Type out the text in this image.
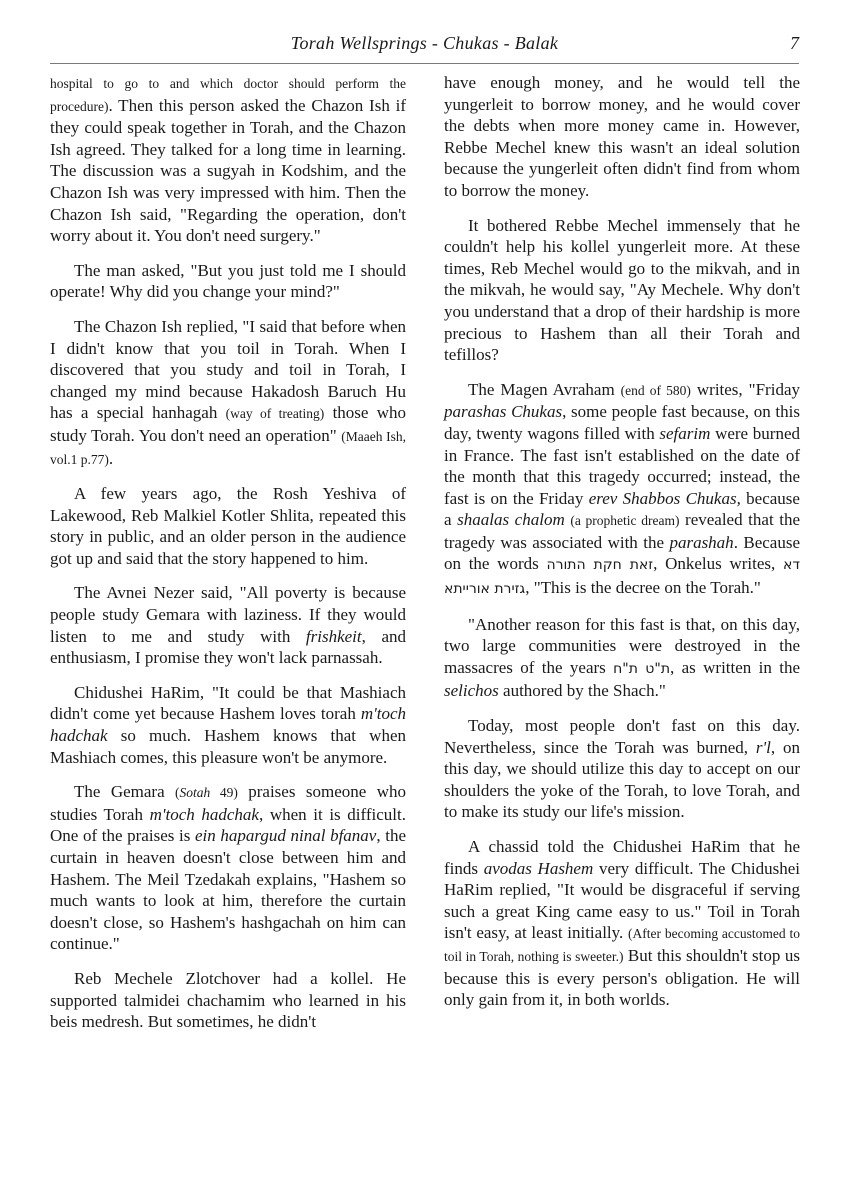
Torah Wellsprings - Chukas - Balak	7

hospital to go to and which doctor should perform the procedure). Then this person asked the Chazon Ish if they could speak together in Torah, and the Chazon Ish agreed. They talked for a long time in learning. The discussion was a sugyah in Kodshim, and the Chazon Ish was very impressed with him. Then the Chazon Ish said, "Regarding the operation, don't worry about it. You don't need surgery."

The man asked, "But you just told me I should operate! Why did you change your mind?"

The Chazon Ish replied, "I said that before when I didn't know that you toil in Torah. When I discovered that you study and toil in Torah, I changed my mind because Hakadosh Baruch Hu has a special hanhagah (way of treating) those who study Torah. You don't need an operation" (Maaeh Ish, vol.1 p.77).

A few years ago, the Rosh Yeshiva of Lakewood, Reb Malkiel Kotler Shlita, repeated this story in public, and an older person in the audience got up and said that the story happened to him.

The Avnei Nezer said, "All poverty is because people study Gemara with laziness. If they would listen to me and study with frishkeit, and enthusiasm, I promise they won't lack parnassah.

Chidushei HaRim, "It could be that Mashiach didn't come yet because Hashem loves torah m'toch hadchak so much. Hashem knows that when Mashiach comes, this pleasure won't be anymore.

The Gemara (Sotah 49) praises someone who studies Torah m'toch hadchak, when it is difficult. One of the praises is ein hapargud ninal bfanav, the curtain in heaven doesn't close between him and Hashem. The Meil Tzedakah explains, "Hashem so much wants to look at him, therefore the curtain doesn't close, so Hashem's hashgachah on him can continue."

Reb Mechele Zlotchover had a kollel. He supported talmidei chachamim who learned in his beis medresh. But sometimes, he didn't

have enough money, and he would tell the yungerleit to borrow money, and he would cover the debts when more money came in. However, Rebbe Mechel knew this wasn't an ideal solution because the yungerleit often didn't find from whom to borrow the money.

It bothered Rebbe Mechel immensely that he couldn't help his kollel yungerleit more. At these times, Reb Mechel would go to the mikvah, and in the mikvah, he would say, "Ay Mechele. Why don't you understand that a drop of their hardship is more precious to Hashem than all their Torah and tefillos?

The Magen Avraham (end of 580) writes, "Friday parashas Chukas, some people fast because, on this day, twenty wagons filled with sefarim were burned in France. The fast isn't established on the date of the month that this tragedy occurred; instead, the fast is on the Friday erev Shabbos Chukas, because a shaalas chalom (a prophetic dream) revealed that the tragedy was associated with the parashah. Because on the words זאת חקת התורה, Onkelus writes, דא גזירת אורייתא, "This is the decree on the Torah."

"Another reason for this fast is that, on this day, two large communities were destroyed in the massacres of the years ת"ח ת"ט, as written in the selichos authored by the Shach."

Today, most people don't fast on this day. Nevertheless, since the Torah was burned, r'l, on this day, we should utilize this day to accept on our shoulders the yoke of the Torah, to love Torah, and to make its study our life's mission.

A chassid told the Chidushei HaRim that he finds avodas Hashem very difficult. The Chidushei HaRim replied, "It would be disgraceful if serving such a great King came easy to us." Toil in Torah isn't easy, at least initially. (After becoming accustomed to toil in Torah, nothing is sweeter.) But this shouldn't stop us because this is every person's obligation. He will only gain from it, in both worlds.
